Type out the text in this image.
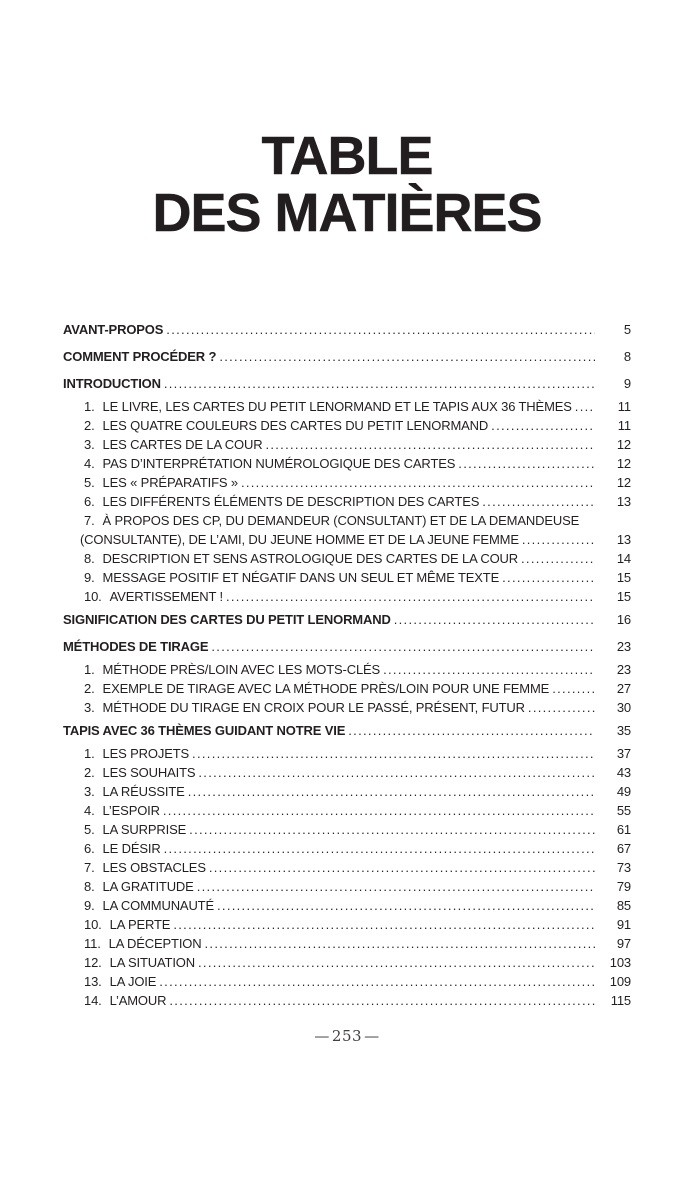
TABLE
DES MATIÈRES
AVANT-PROPOS .....	5
COMMENT PROCÉDER ? .....	8
INTRODUCTION .....	9
1. LE LIVRE, LES CARTES DU PETIT LENORMAND ET LE TAPIS AUX 36 THÈMES .....	11
2. LES QUATRE COULEURS DES CARTES DU PETIT LENORMAND .....	11
3. LES CARTES DE LA COUR .....	12
4. PAS D’INTERPRÉTATION NUMÉROLOGIQUE DES CARTES .....	12
5. LES « PRÉPARATIFS » .....	12
6. LES DIFFÉRENTS ÉLÉMENTS DE DESCRIPTION DES CARTES .....	13
7. À PROPOS DES CP, DU DEMANDEUR (CONSULTANT) ET DE LA DEMANDEUSE
(CONSULTANTE), DE L’AMI, DU JEUNE HOMME ET DE LA JEUNE FEMME .....	13
8. DESCRIPTION ET SENS ASTROLOGIQUE DES CARTES DE LA COUR .....	14
9. MESSAGE POSITIF ET NÉGATIF DANS UN SEUL ET MÊME TEXTE .....	15
10. AVERTISSEMENT ! .....	15
SIGNIFICATION DES CARTES DU PETIT LENORMAND .....	16
MÉTHODES DE TIRAGE .....	23
1. MÉTHODE PRÈS/LOIN AVEC LES MOTS-CLÉS .....	23
2. EXEMPLE DE TIRAGE AVEC LA MÉTHODE PRÈS/LOIN POUR UNE FEMME .....	27
3. MÉTHODE DU TIRAGE EN CROIX POUR LE PASSÉ, PRÉSENT, FUTUR .....	30
TAPIS AVEC 36 THÈMES GUIDANT NOTRE VIE .....	35
1. LES PROJETS .....	37
2. LES SOUHAITS .....	43
3. LA RÉUSSITE .....	49
4. L’ESPOIR .....	55
5. LA SURPRISE .....	61
6. LE DÉSIR .....	67
7. LES OBSTACLES .....	73
8. LA GRATITUDE .....	79
9. LA COMMUNAUTÉ .....	85
10. LA PERTE .....	91
11. LA DÉCEPTION .....	97
12. LA SITUATION .....	103
13. LA JOIE .....	109
14. L’AMOUR .....	115
— 253 —
